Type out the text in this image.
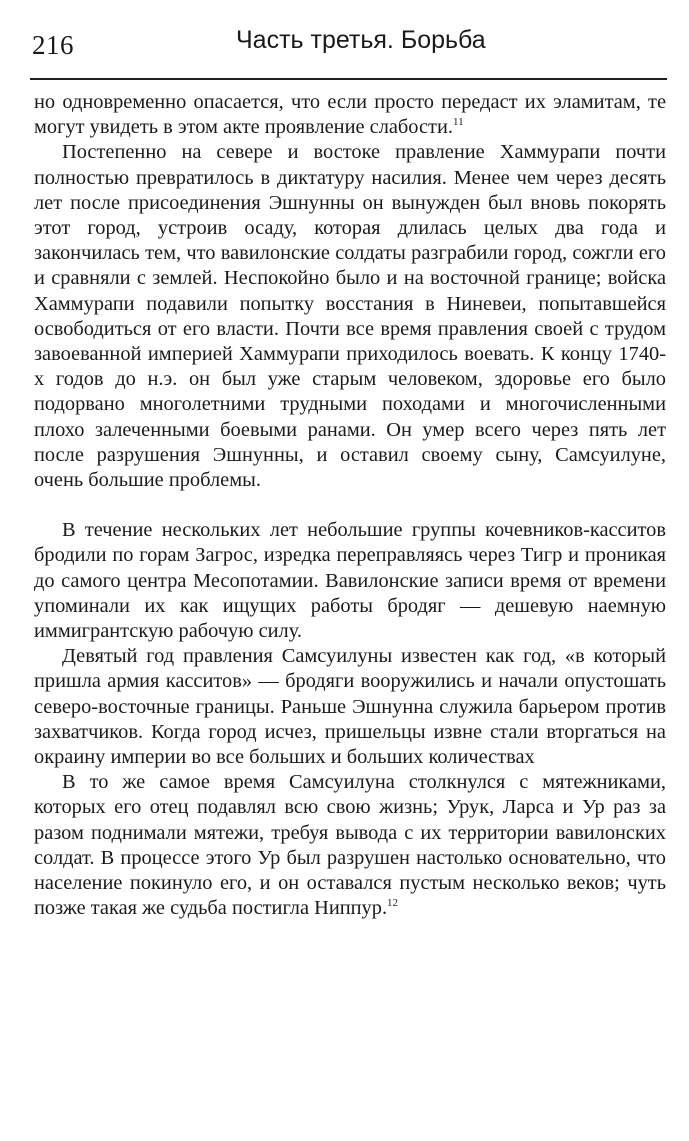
216	Часть третья. Борьба

но одновременно опасается, что если просто передаст их эламитам, те могут увидеть в этом акте проявление слабости.$^{11}$

Постепенно на севере и востоке правление Хаммурапи почти полностью превратилось в диктатуру насилия. Менее чем через десять лет после присоединения Эшнунны он вынужден был вновь покорять этот город, устроив осаду, которая длилась целых два года и закончилась тем, что вавилонские солдаты разграбили город, сожгли его и сравняли с землей. Неспокойно было и на восточной границе; войска Хаммурапи подавили попытку восстания в Ниневеи, попытавшейся освободиться от его власти. Почти все время правления своей с трудом завоеванной империей Хаммурапи приходилось воевать. К концу 1740-х годов до н.э. он был уже старым человеком, здоровье его было подорвано многолетними трудными походами и многочисленными плохо залеченными боевыми ранами. Он умер всего через пять лет после разрушения Эшнунны, и оставил своему сыну, Самсуилуне, очень большие проблемы.

В течение нескольких лет небольшие группы кочевников-касситов бродили по горам Загрос, изредка переправляясь через Тигр и проникая до самого центра Месопотамии. Вавилонские записи время от времени упоминали их как ищущих работы бродяг — дешевую наемную иммигрантскую рабочую силу.

Девятый год правления Самсуилуны известен как год, «в который пришла армия касситов» — бродяги вооружились и начали опустошать северо-восточные границы. Раньше Эшнунна служила барьером против захватчиков. Когда город исчез, пришельцы извне стали вторгаться на окраину империи во все больших и больших количествах

В то же самое время Самсуилуна столкнулся с мятежниками, которых его отец подавлял всю свою жизнь; Урук, Ларса и Ур раз за разом поднимали мятежи, требуя вывода с их территории вавилонских солдат. В процессе этого Ур был разрушен настолько основательно, что население покинуло его, и он оставался пустым несколько веков; чуть позже такая же судьба постигла Ниппур.$^{12}$
